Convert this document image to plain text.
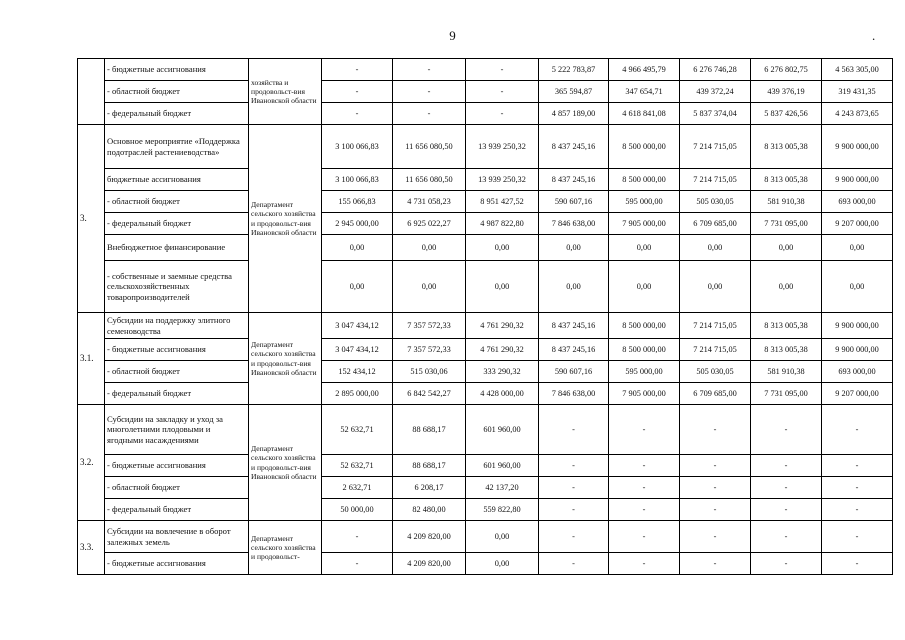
9	.
	- бюджетные ассигнования	хозяйства и продовольст-вия Ивановской области	-	-	-	5 222 783,87	4 966 495,79	6 276 746,28	6 276 802,75	4 563 305,00
	- областной бюджет		-	-	-	365 594,87	347 654,71	439 372,24	439 376,19	319 431,35
	- федеральный бюджет		-	-	-	4 857 189,00	4 618 841,08	5 837 374,04	5 837 426,56	4 243 873,65
3.	Основное мероприятие «Поддержка подотраслей растениеводства»	Департамент сельского хозяйства и продовольст-вия Ивановской области	3 100 066,83	11 656 080,50	13 939 250,32	8 437 245,16	8 500 000,00	7 214 715,05	8 313 005,38	9 900 000,00
	бюджетные ассигнования		3 100 066,83	11 656 080,50	13 939 250,32	8 437 245,16	8 500 000,00	7 214 715,05	8 313 005,38	9 900 000,00
	- областной бюджет		155 066,83	4 731 058,23	8 951 427,52	590 607,16	595 000,00	505 030,05	581 910,38	693 000,00
	- федеральный бюджет		2 945 000,00	6 925 022,27	4 987 822,80	7 846 638,00	7 905 000,00	6 709 685,00	7 731 095,00	9 207 000,00
	Внебюджетное финансирование		0,00	0,00	0,00	0,00	0,00	0,00	0,00	0,00
	- собственные и заемные средства сельскохозяйственных товаропроизводителей		0,00	0,00	0,00	0,00	0,00	0,00	0,00	0,00
3.1.	Субсидии на поддержку элитного семеноводства	Департамент сельского хозяйства и продовольст-вия Ивановской области	3 047 434,12	7 357 572,33	4 761 290,32	8 437 245,16	8 500 000,00	7 214 715,05	8 313 005,38	9 900 000,00
	- бюджетные ассигнования		3 047 434,12	7 357 572,33	4 761 290,32	8 437 245,16	8 500 000,00	7 214 715,05	8 313 005,38	9 900 000,00
	- областной бюджет		152 434,12	515 030,06	333 290,32	590 607,16	595 000,00	505 030,05	581 910,38	693 000,00
	- федеральный бюджет		2 895 000,00	6 842 542,27	4 428 000,00	7 846 638,00	7 905 000,00	6 709 685,00	7 731 095,00	9 207 000,00
3.2.	Субсидии на закладку и уход за многолетними плодовыми и ягодными насаждениями	Департамент сельского хозяйства и продовольст-вия Ивановской области	52 632,71	88 688,17	601 960,00	-	-	-	-	-
	- бюджетные ассигнования		52 632,71	88 688,17	601 960,00	-	-	-	-	-
	- областной бюджет		2 632,71	6 208,17	42 137,20	-	-	-	-	-
	- федеральный бюджет		50 000,00	82 480,00	559 822,80	-	-	-	-	-
3.3.	Субсидии на вовлечение в оборот залежных земель	Департамент сельского хозяйства и продовольст-	-	4 209 820,00	0,00	-	-	-	-	-
	- бюджетные ассигнования		-	4 209 820,00	0,00	-	-	-	-	-
